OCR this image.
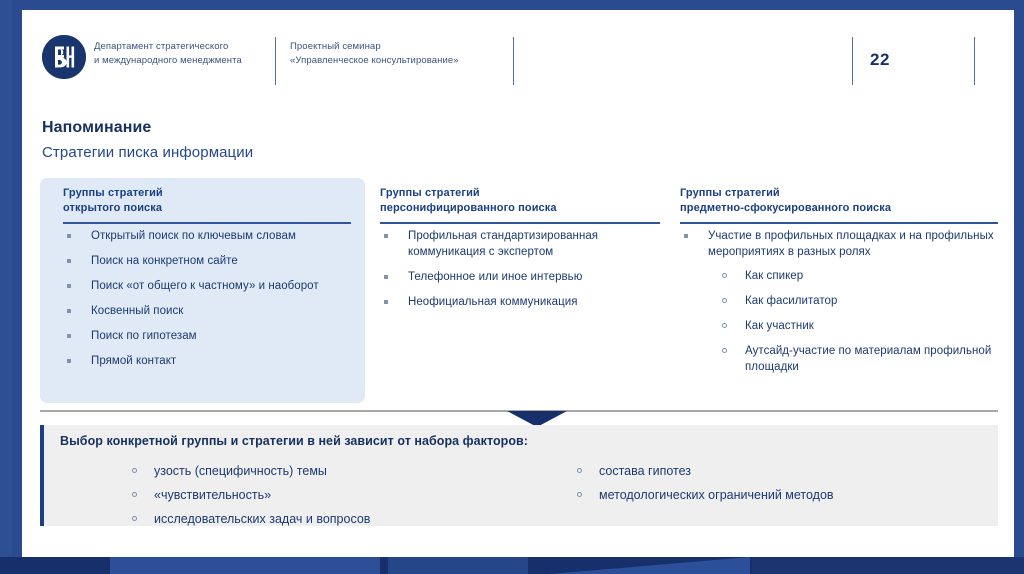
Департамент стратегического
и международного менеджмента
Проектный семинар
«Управленческое консультирование»	22
Напоминание
Стратегии писка информации
Группы стратегий
открытого поиска
Открытый поиск по ключевым словам
Поиск на конкретном сайте
Поиск «от общего к частному» и наоборот
Косвенный поиск
Поиск по гипотезам
Прямой контакт
Группы стратегий
персонифицированного поиска
Профильная стандартизированная коммуникация с экспертом
Телефонное или иное интервью
Неофициальная коммуникация
Группы стратегий
предметно-сфокусированного поиска
Участие в профильных площадках и на профильных мероприятиях в разных ролях
Как спикер
Как фасилитатор
Как участник
Аутсайд-участие по материалам профильной площадки
Выбор конкретной группы и стратегии в ней зависит от набора факторов:
узость (специфичность) темы
«чувствительность»
исследовательских задач и вопросов
состава гипотез
методологических ограничений методов
